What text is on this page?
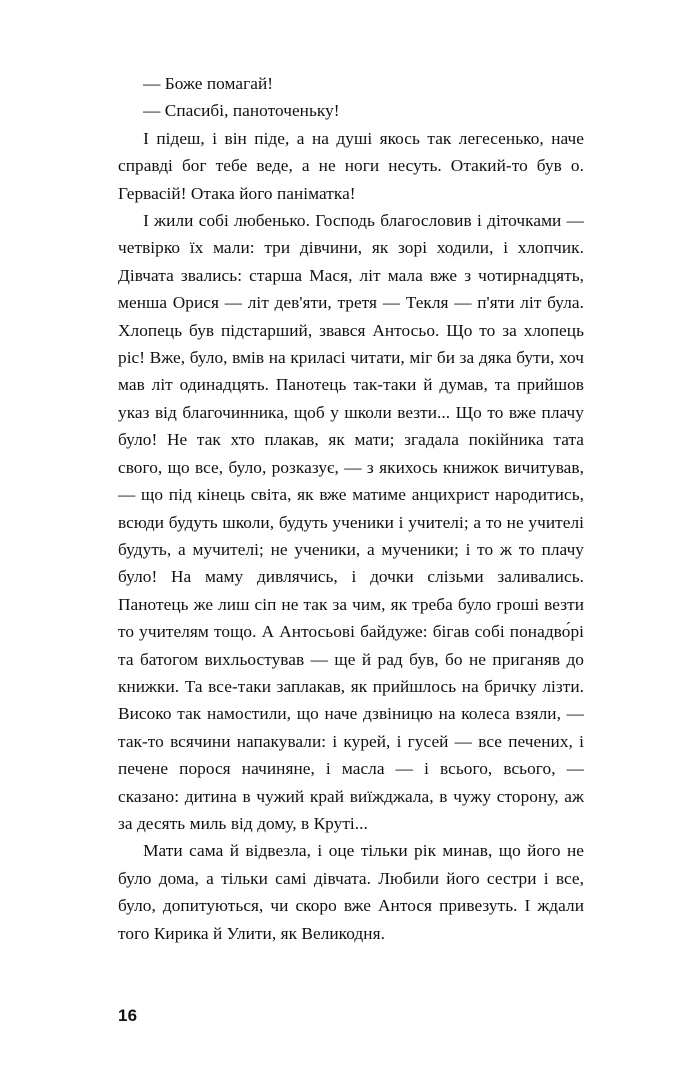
— Боже помагай!

— Спасибі, паноточеньку!

І підеш, і він піде, а на душі якось так легесенько, наче справді бог тебе веде, а не ноги несуть. Отакий-то був о. Гервасій! Отака його паніматка!

І жили собі любенько. Господь благословив і діточками — четвірко їх мали: три дівчини, як зорі ходили, і хлопчик. Дівчата звались: старша Мася, літ мала вже з чотирнадцять, менша Орися — літ дев'яти, третя — Текля — п'яти літ була. Хлопець був підстарший, звався Антосьо. Що то за хлопець ріс! Вже, було, вмів на криласі читати, міг би за дяка бути, хоч мав літ одинадцять. Панотець так-таки й думав, та прийшов указ від благочинника, щоб у школи везти... Що то вже плачу було! Не так хто плакав, як мати; згадала покійника тата свого, що все, було, розказує, — з якихось книжок вичитував, — що під кінець світа, як вже матиме анцихрист народитись, всюди будуть школи, будуть ученики і учителі; а то не учителі будуть, а мучителі; не ученики, а мученики; і то ж то плачу було! На маму дивлячись, і дочки слізьми заливались. Панотець же лиш сіп не так за чим, як треба було гроші везти то учителям тощо. А Антосьові байдуже: бігав собі понадво́рі та батогом вихльостував — ще й рад був, бо не приганяв до книжки. Та все-таки заплакав, як прийшлось на бричку лізти. Високо так намостили, що наче дзвіницю на колеса взяли, — так-то всячини напакували: і курей, і гусей — все печених, і печене порося начиняне, і масла — і всього, всього, — сказано: дитина в чужий край виїжджала, в чужу сторону, аж за десять миль від дому, в Круті...

Мати сама й відвезла, і оце тільки рік минав, що його не було дома, а тільки самі дівчата. Любили його сестри і все, було, допитуються, чи скоро вже Антося привезуть. І ждали того Кирика й Улити, як Великодня.

16
